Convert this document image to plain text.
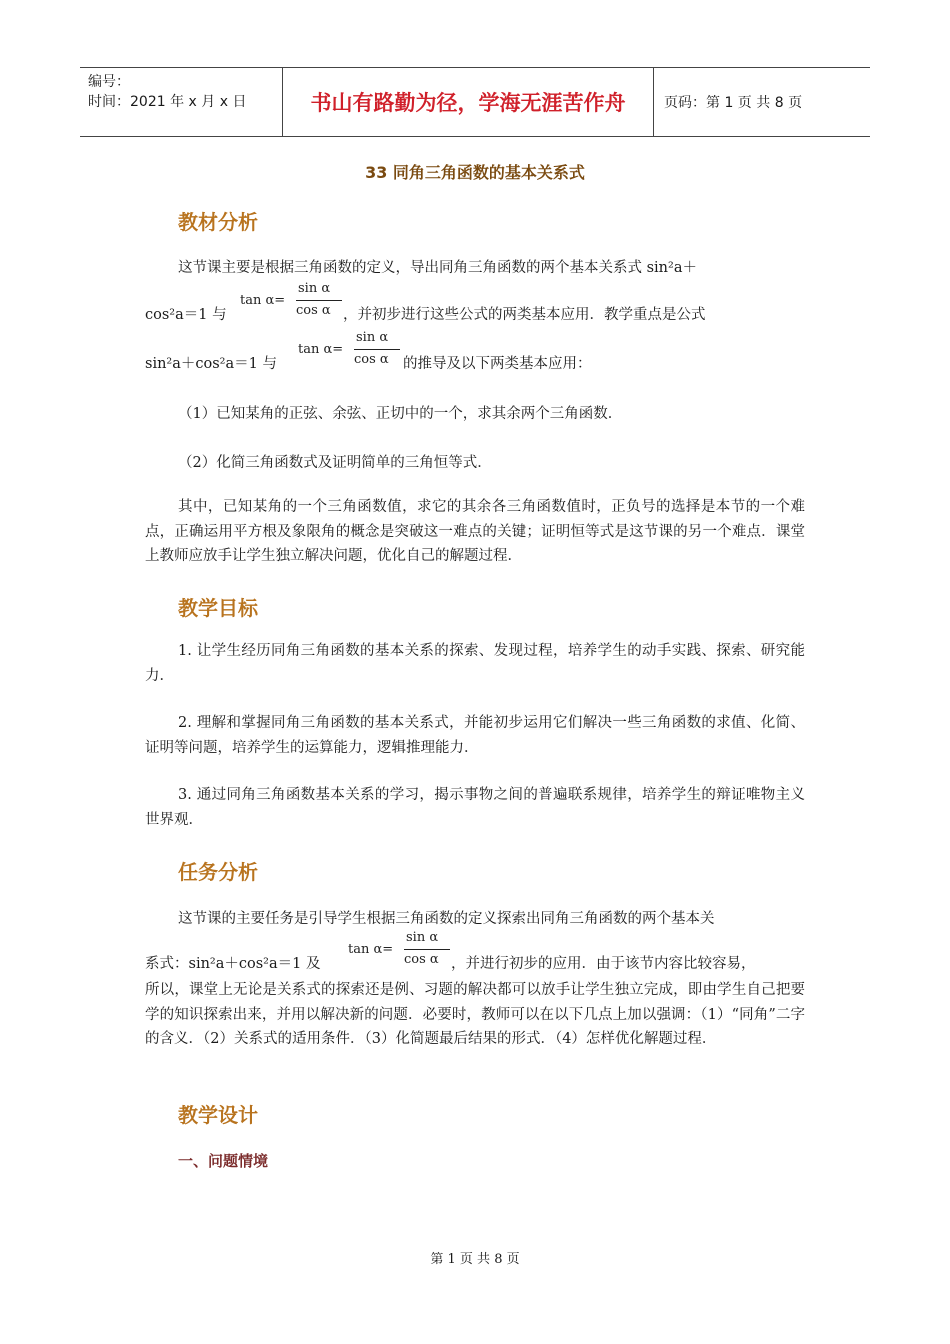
编号：
时间：2021 年 x 月 x 日	书山有路勤为径，学海无涯苦作舟	页码：第 1 页 共 8 页
33 同角三角函数的基本关系式
教材分析
这节课主要是根据三角函数的定义，导出同角三角函数的两个基本关系式 sin²a＋
cos²a＝1 与
tan α=
sin α
cos α ，并初步进行这些公式的两类基本应用．教学重点是公式
sin²a＋cos²a＝1 与
tan α=
sin α
cos α 的推导及以下两类基本应用：
（1）已知某角的正弦、余弦、正切中的一个，求其余两个三角函数．
（2）化简三角函数式及证明简单的三角恒等式．
其中，已知某角的一个三角函数值，求它的其余各三角函数值时，正负号的选择是本节的一个难点，正确运用平方根及象限角的概念是突破这一难点的关键；证明恒等式是这节课的另一个难点．课堂上教师应放手让学生独立解决问题，优化自己的解题过程．
教学目标
1. 让学生经历同角三角函数的基本关系的探索、发现过程，培养学生的动手实践、探索、研究能力．
2. 理解和掌握同角三角函数的基本关系式，并能初步运用它们解决一些三角函数的求值、化简、证明等问题，培养学生的运算能力，逻辑推理能力．
3. 通过同角三角函数基本关系的学习，揭示事物之间的普遍联系规律，培养学生的辩证唯物主义世界观．
任务分析
这节课的主要任务是引导学生根据三角函数的定义探索出同角三角函数的两个基本关
系式：sin²a＋cos²a＝1 及
tan α=
sin α
cos α ，并进行初步的应用．由于该节内容比较容易，
所以，课堂上无论是关系式的探索还是例、习题的解决都可以放手让学生独立完成，即由学生自己把要学的知识探索出来，并用以解决新的问题．必要时，教师可以在以下几点上加以强调：（1）“同角”二字的含义．（2）关系式的适用条件．（3）化简题最后结果的形式．（4）怎样优化解题过程．
教学设计
一、问题情境
第 1 页 共 8 页
